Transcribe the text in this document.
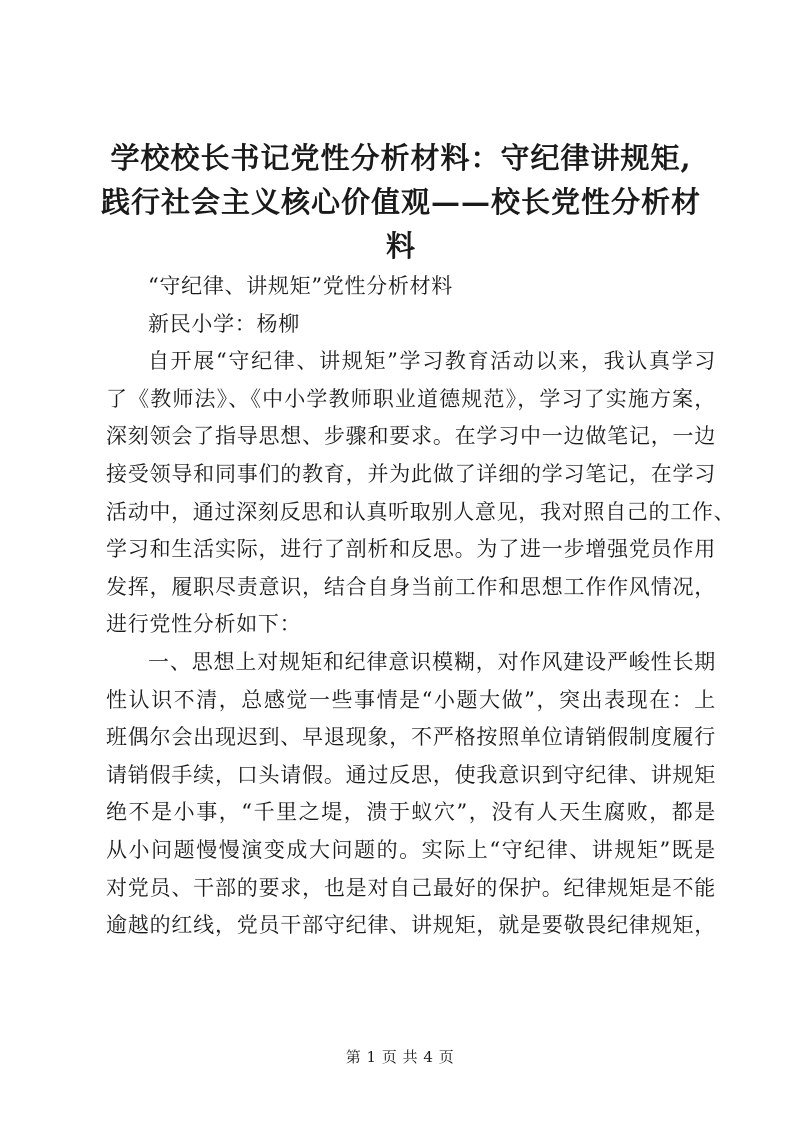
学校校长书记党性分析材料：守纪律讲规矩,
践行社会主义核心价值观——校长党性分析材
料
“守纪律、讲规矩”党性分析材料
新民小学：杨柳
自开展“守纪律、讲规矩”学习教育活动以来，我认真学习
了《教师法》、《中小学教师职业道德规范》，学习了实施方案，
深刻领会了指导思想、步骤和要求。在学习中一边做笔记，一边
接受领导和同事们的教育，并为此做了详细的学习笔记，在学习
活动中，通过深刻反思和认真听取别人意见，我对照自己的工作、
学习和生活实际，进行了剖析和反思。为了进一步增强党员作用
发挥，履职尽责意识，结合自身当前工作和思想工作作风情况，
进行党性分析如下：
一、思想上对规矩和纪律意识模糊，对作风建设严峻性长期
性认识不清，总感觉一些事情是“小题大做”，突出表现在：上
班偶尔会出现迟到、早退现象，不严格按照单位请销假制度履行
请销假手续，口头请假。通过反思，使我意识到守纪律、讲规矩
绝不是小事，“千里之堤，溃于蚁穴”，没有人天生腐败，都是
从小问题慢慢演变成大问题的。实际上“守纪律、讲规矩”既是
对党员、干部的要求，也是对自己最好的保护。纪律规矩是不能
逾越的红线，党员干部守纪律、讲规矩，就是要敬畏纪律规矩，
第 1 页 共 4 页
